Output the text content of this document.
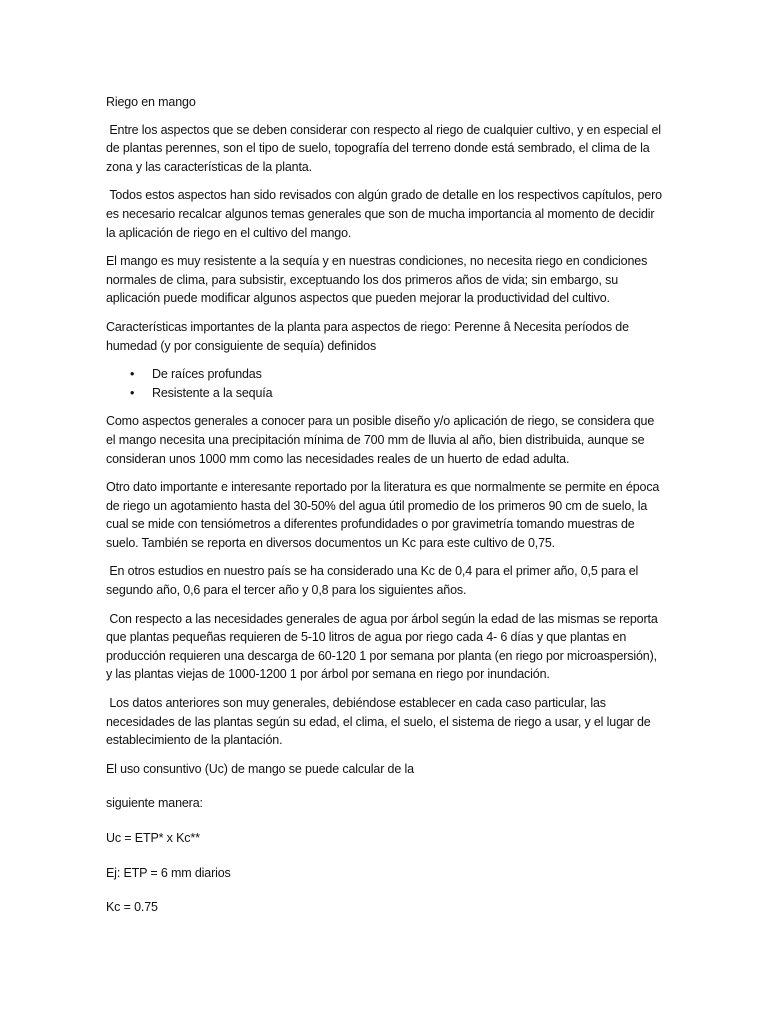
Riego en mango

Entre los aspectos que se deben considerar con respecto al riego de cualquier cultivo, y en especial el de plantas perennes, son el tipo de suelo, topografía del terreno donde está sembrado, el clima de la zona y las características de la planta.

Todos estos aspectos han sido revisados con algún grado de detalle en los respectivos capítulos, pero es necesario recalcar algunos temas generales que son de mucha importancia al momento de decidir la aplicación de riego en el cultivo del mango.

El mango es muy resistente a la sequía y en nuestras condiciones, no necesita riego en condiciones normales de clima, para subsistir, exceptuando los dos primeros años de vida; sin embargo, su aplicación puede modificar algunos aspectos que pueden mejorar la productividad del cultivo.

Características importantes de la planta para aspectos de riego: Perenne â Necesita períodos de humedad (y por consiguiente de sequía) definidos

• De raíces profundas
• Resistente a la sequía

Como aspectos generales a conocer para un posible diseño y/o aplicación de riego, se considera que el mango necesita una precipitación mínima de 700 mm de lluvia al año, bien distribuida, aunque se consideran unos 1000 mm como las necesidades reales de un huerto de edad adulta.

Otro dato importante e interesante reportado por la literatura es que normalmente se permite en época de riego un agotamiento hasta del 30-50% del agua útil promedio de los primeros 90 cm de suelo, la cual se mide con tensiómetros a diferentes profundidades o por gravimetría tomando muestras de suelo. También se reporta en diversos documentos un Kc para este cultivo de 0,75.

En otros estudios en nuestro país se ha considerado una Kc de 0,4 para el primer año, 0,5 para el segundo año, 0,6 para el tercer año y 0,8 para los siguientes años.

Con respecto a las necesidades generales de agua por árbol según la edad de las mismas se reporta que plantas pequeñas requieren de 5-10 litros de agua por riego cada 4- 6 días y que plantas en producción requieren una descarga de 60-120 1 por semana por planta (en riego por microaspersión), y las plantas viejas de 1000-1200 1 por árbol por semana en riego por inundación.

Los datos anteriores son muy generales, debiéndose establecer en cada caso particular, las necesidades de las plantas según su edad, el clima, el suelo, el sistema de riego a usar, y el lugar de establecimiento de la plantación.

El uso consuntivo (Uc) de mango se puede calcular de la

siguiente manera:

Uc = ETP* x Kc**

Ej: ETP = 6 mm diarios

Kc = 0.75
